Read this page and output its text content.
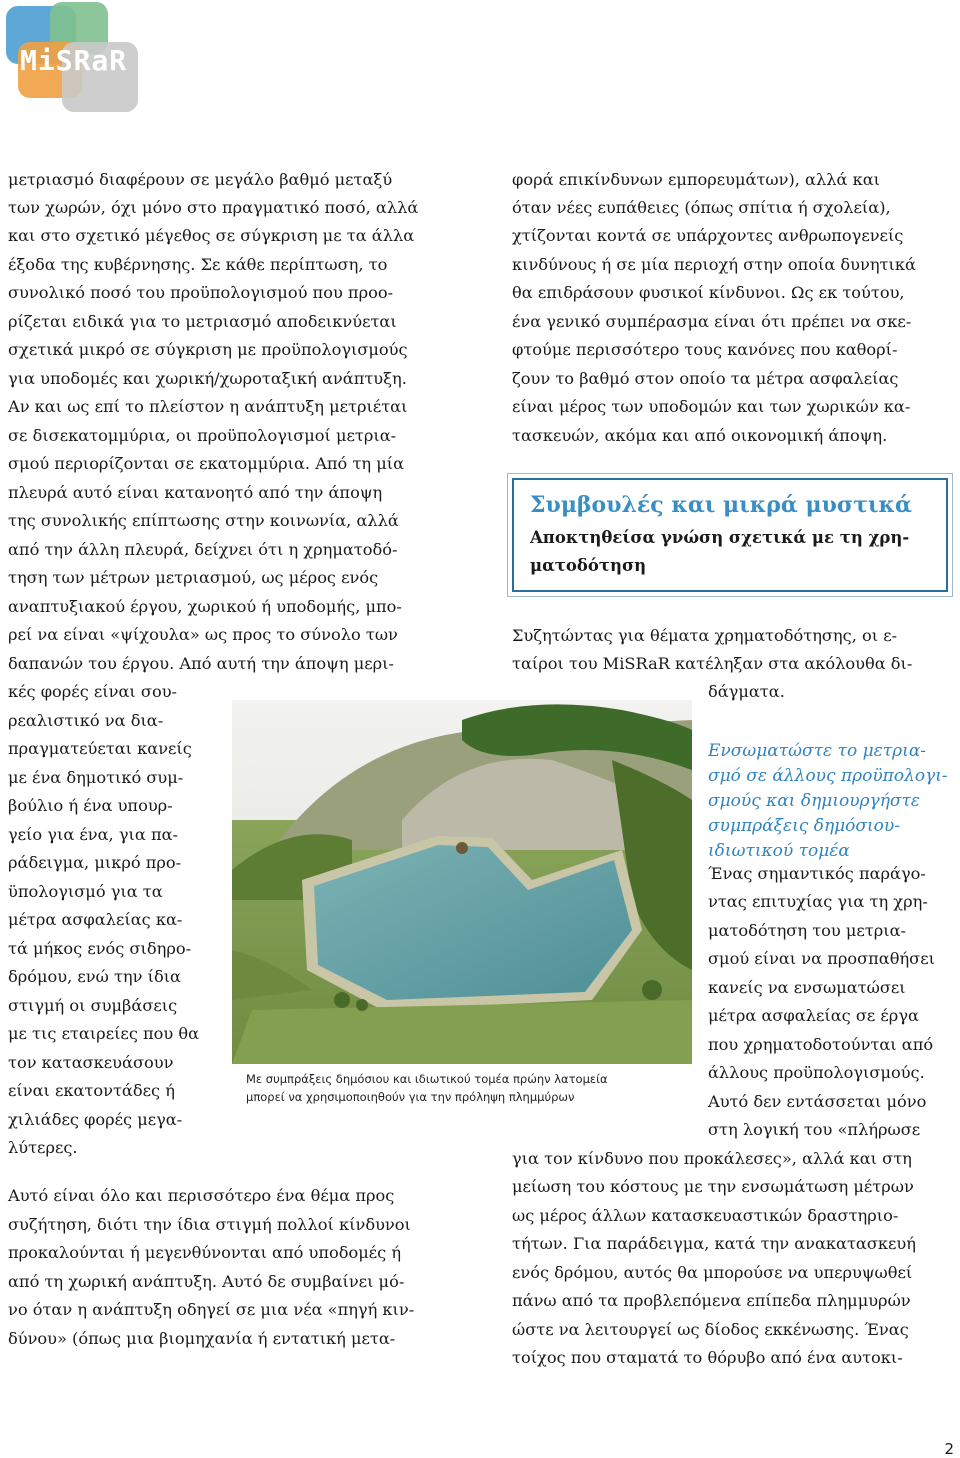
MiSRaR
μετριασμό διαφέρουν σε μεγάλο βαθμό μεταξύ
των χωρών, όχι μόνο στο πραγματικό ποσό, αλλά
και στο σχετικό μέγεθος σε σύγκριση με τα άλλα
έξοδα της κυβέρνησης. Σε κάθε περίπτωση, το
συνολικό ποσό του προϋπολογισμού που προο-
ρίζεται ειδικά για το μετριασμό αποδεικνύεται
σχετικά μικρό σε σύγκριση με προϋπολογισμούς
για υποδομές και χωρική/χωροταξική ανάπτυξη.
Αν και ως επί το πλείστον η ανάπτυξη μετριέται
σε δισεκατομμύρια, οι προϋπολογισμοί μετρια-
σμού περιορίζονται σε εκατομμύρια. Από τη μία
πλευρά αυτό είναι κατανοητό από την άποψη
της συνολικής επίπτωσης στην κοινωνία, αλλά
από την άλλη πλευρά, δείχνει ότι η χρηματοδό-
τηση των μέτρων μετριασμού, ως μέρος ενός
αναπτυξιακού έργου, χωρικού ή υποδομής, μπο-
ρεί να είναι «ψίχουλα» ως προς το σύνολο των
δαπανών του έργου. Από αυτή την άποψη μερι-
κές φορές είναι σου-
ρεαλιστικό να δια-
πραγματεύεται κανείς
με ένα δημοτικό συμ-
βούλιο ή ένα υπουρ-
γείο για ένα, για πα-
ράδειγμα, μικρό προ-
ϋπολογισμό για τα
μέτρα ασφαλείας κα-
τά μήκος ενός σιδηρο-
δρόμου, ενώ την ίδια
στιγμή οι συμβάσεις
με τις εταιρείες που θα
τον κατασκευάσουν
είναι εκατοντάδες ή
χιλιάδες φορές μεγα-
λύτερες.
Αυτό είναι όλο και περισσότερο ένα θέμα προς
συζήτηση, διότι την ίδια στιγμή πολλοί κίνδυνοι
προκαλούνται ή μεγενθύνονται από υποδομές ή
από τη χωρική ανάπτυξη. Αυτό δε συμβαίνει μό-
νο όταν η ανάπτυξη οδηγεί σε μια νέα «πηγή κιν-
δύνου» (όπως μια βιομηχανία ή εντατική μετα-
φορά επικίνδυνων εμπορευμάτων), αλλά και
όταν νέες ευπάθειες (όπως σπίτια ή σχολεία),
χτίζονται κοντά σε υπάρχοντες ανθρωπογενείς
κινδύνους ή σε μία περιοχή στην οποία δυνητικά
θα επιδράσουν φυσικοί κίνδυνοι. Ως εκ τούτου,
ένα γενικό συμπέρασμα είναι ότι πρέπει να σκε-
φτούμε περισσότερο τους κανόνες που καθορί-
ζουν το βαθμό στον οποίο τα μέτρα ασφαλείας
είναι μέρος των υποδομών και των χωρικών κα-
τασκευών, ακόμα και από οικονομική άποψη.
Συμβουλές και μικρά μυστικά
Αποκτηθείσα γνώση σχετικά με τη χρη-
ματοδότηση
Συζητώντας για θέματα χρηματοδότησης, οι ε-
ταίροι του MiSRaR κατέληξαν στα ακόλουθα δι-
δάγματα.
Ενσωματώστε το μετρια-
σμό σε άλλους προϋπολογι-
σμούς και δημιουργήστε
συμπράξεις δημόσιου-
ιδιωτικού τομέα
Ένας σημαντικός παράγο-
ντας επιτυχίας για τη χρη-
ματοδότηση του μετρια-
σμού είναι να προσπαθήσει
κανείς να ενσωματώσει
μέτρα ασφαλείας σε έργα
που χρηματοδοτούνται από
άλλους προϋπολογισμούς.
Αυτό δεν εντάσσεται μόνο
στη λογική του «πλήρωσε
για τον κίνδυνο που προκάλεσες», αλλά και στη
μείωση του κόστους με την ενσωμάτωση μέτρων
ως μέρος άλλων κατασκευαστικών δραστηριο-
τήτων. Για παράδειγμα, κατά την ανακατασκευή
ενός δρόμου, αυτός θα μπορούσε να υπερυψωθεί
πάνω από τα προβλεπόμενα επίπεδα πλημμυρών
ώστε να λειτουργεί ως δίοδος εκκένωσης. Ένας
τοίχος που σταματά το θόρυβο από ένα αυτοκι-
Με συμπράξεις δημόσιου και ιδιωτικού τομέα πρώην λατομεία
μπορεί να χρησιμοποιηθούν για την πρόληψη πλημμύρων
2
